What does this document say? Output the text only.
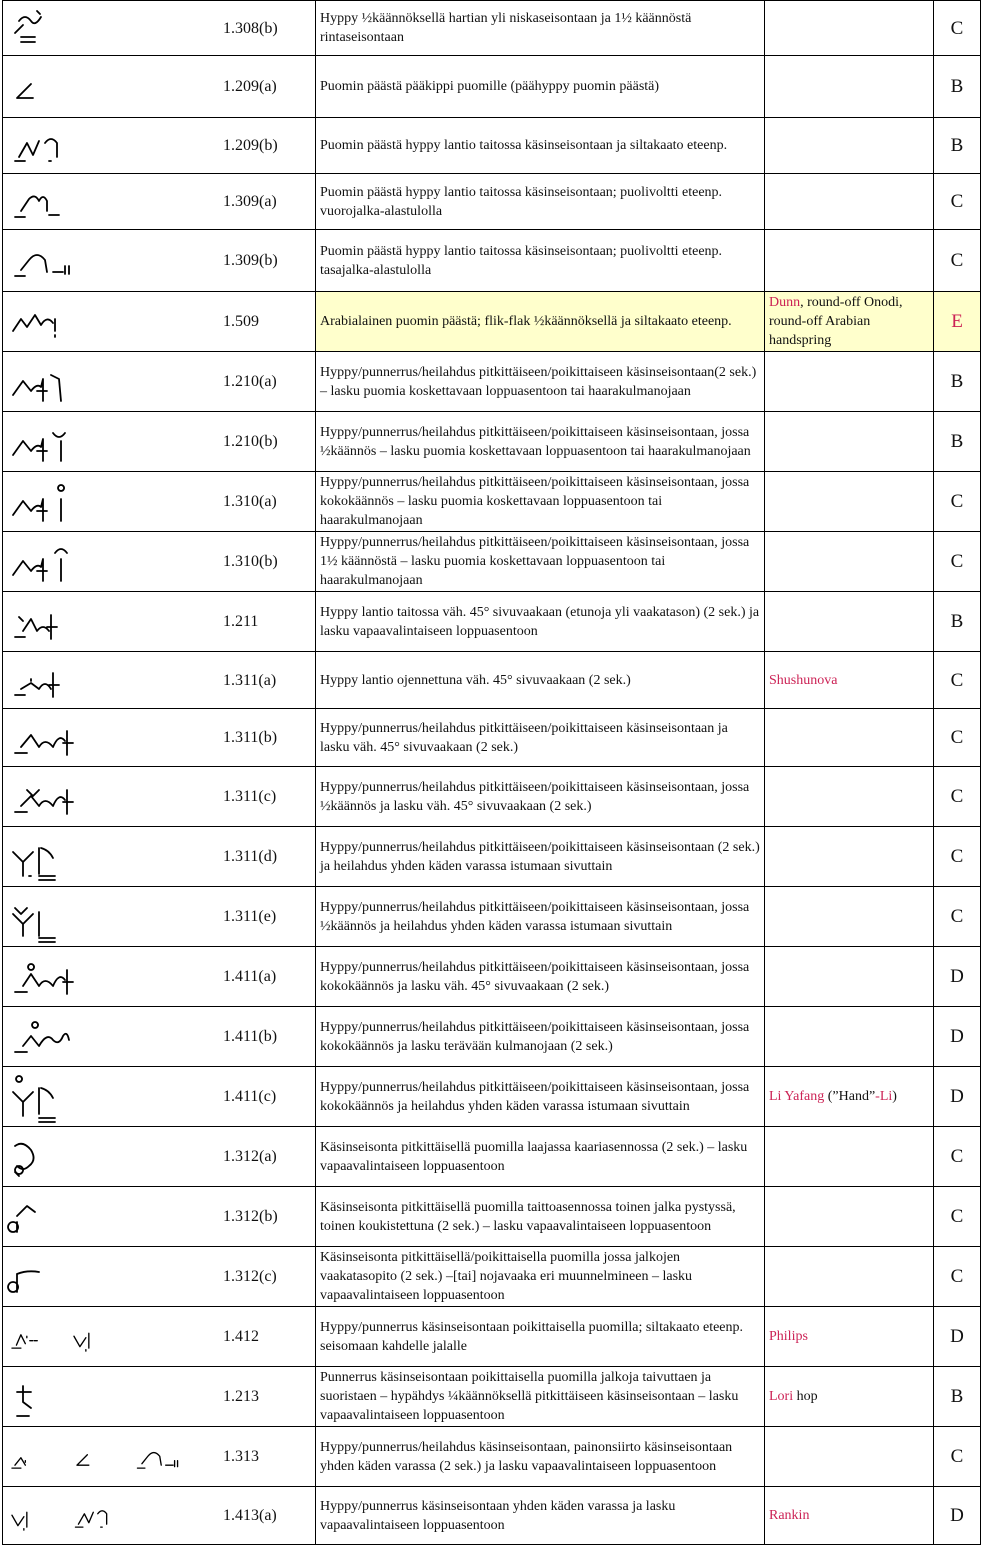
	1.308(b)	Hyppy ½käännöksellä hartian yli niskaseisontaan ja 1½ käännöstä rintaseisontaan		C

	1.209(a)	Puomin päästä pääkippi puomille (päähyppy puomin päästä)		B

	1.209(b)	Puomin päästä hyppy lantio taitossa käsinseisontaan ja siltakaato eteenp.		B

	1.309(a)	Puomin päästä hyppy lantio taitossa käsinseisontaan; puolivoltti eteenp. vuorojalka-alastulolla		C

	1.309(b)	Puomin päästä hyppy lantio taitossa käsinseisontaan; puolivoltti eteenp. tasajalka-alastulolla		C

	1.509	Arabialainen puomin päästä; flik-flak ½käännöksellä ja siltakaato eteenp.	Dunn, round-off Onodi, round-off Arabian handspring	E

	1.210(a)	Hyppy/punnerrus/heilahdus pitkittäiseen/poikittaiseen käsinseisontaan(2 sek.) – lasku puomia koskettavaan loppuasentoon tai haarakulmanojaan		B

	1.210(b)	Hyppy/punnerrus/heilahdus pitkittäiseen/poikittaiseen käsinseisontaan, jossa ½käännös – lasku puomia koskettavaan loppuasentoon tai haarakulmanojaan		B

	1.310(a)	Hyppy/punnerrus/heilahdus pitkittäiseen/poikittaiseen käsinseisontaan, jossa kokokäännös – lasku puomia koskettavaan loppuasentoon tai haarakulmanojaan		C

	1.310(b)	Hyppy/punnerrus/heilahdus pitkittäiseen/poikittaiseen käsinseisontaan, jossa 1½ käännöstä – lasku puomia koskettavaan loppuasentoon tai haarakulmanojaan		C

	1.211	Hyppy lantio taitossa väh. 45° sivuvaakaan (etunoja yli vaakatason) (2 sek.) ja lasku vapaavalintaiseen loppuasentoon		B

	1.311(a)	Hyppy lantio ojennettuna väh. 45° sivuvaakaan (2 sek.)	Shushunova	C

	1.311(b)	Hyppy/punnerrus/heilahdus pitkittäiseen/poikittaiseen käsinseisontaan ja lasku väh. 45° sivuvaakaan (2 sek.)		C

	1.311(c)	Hyppy/punnerrus/heilahdus pitkittäiseen/poikittaiseen käsinseisontaan, jossa ½käännös ja lasku väh. 45° sivuvaakaan (2 sek.)		C

	1.311(d)	Hyppy/punnerrus/heilahdus pitkittäiseen/poikittaiseen käsinseisontaan (2 sek.) ja heilahdus yhden käden varassa istumaan sivuttain		C

	1.311(e)	Hyppy/punnerrus/heilahdus pitkittäiseen/poikittaiseen käsinseisontaan, jossa ½käännös ja heilahdus yhden käden varassa istumaan sivuttain		C

	1.411(a)	Hyppy/punnerrus/heilahdus pitkittäiseen/poikittaiseen käsinseisontaan, jossa kokokäännös ja lasku väh. 45° sivuvaakaan (2 sek.)		D

	1.411(b)	Hyppy/punnerrus/heilahdus pitkittäiseen/poikittaiseen käsinseisontaan, jossa kokokäännös ja lasku terävään kulmanojaan (2 sek.)		D

	1.411(c)	Hyppy/punnerrus/heilahdus pitkittäiseen/poikittaiseen käsinseisontaan, jossa kokokäännös ja heilahdus yhden käden varassa istumaan sivuttain	Li Yafang (”Hand”-Li)	D

	1.312(a)	Käsinseisonta pitkittäisellä puomilla laajassa kaariasennossa (2 sek.) – lasku vapaavalintaiseen loppuasentoon		C

	1.312(b)	Käsinseisonta pitkittäisellä puomilla taittoasennossa toinen jalka pystyssä, toinen koukistettuna (2 sek.) – lasku vapaavalintaiseen loppuasentoon		C

	1.312(c)	Käsinseisonta pitkittäisellä/poikittaisella puomilla jossa jalkojen vaakatasopito (2 sek.) –[tai] nojavaaka eri muunnelmineen – lasku vapaavalintaiseen loppuasentoon		C

	1.412	Hyppy/punnerrus käsinseisontaan poikittaisella puomilla; siltakaato eteenp. seisomaan kahdelle jalalle	Philips	D

	1.213	Punnerrus käsinseisontaan poikittaisella puomilla jalkoja taivuttaen ja suoristaen – hypähdys ¼käännöksellä pitkittäiseen käsinseisontaan – lasku vapaavalintaiseen loppuasentoon	Lori hop	B

	1.313	Hyppy/punnerrus/heilahdus käsinseisontaan, painonsiirto käsinseisontaan yhden käden varassa (2 sek.) ja lasku vapaavalintaiseen loppuasentoon		C

	1.413(a)	Hyppy/punnerrus käsinseisontaan yhden käden varassa ja lasku vapaavalintaiseen loppuasentoon	Rankin	D
